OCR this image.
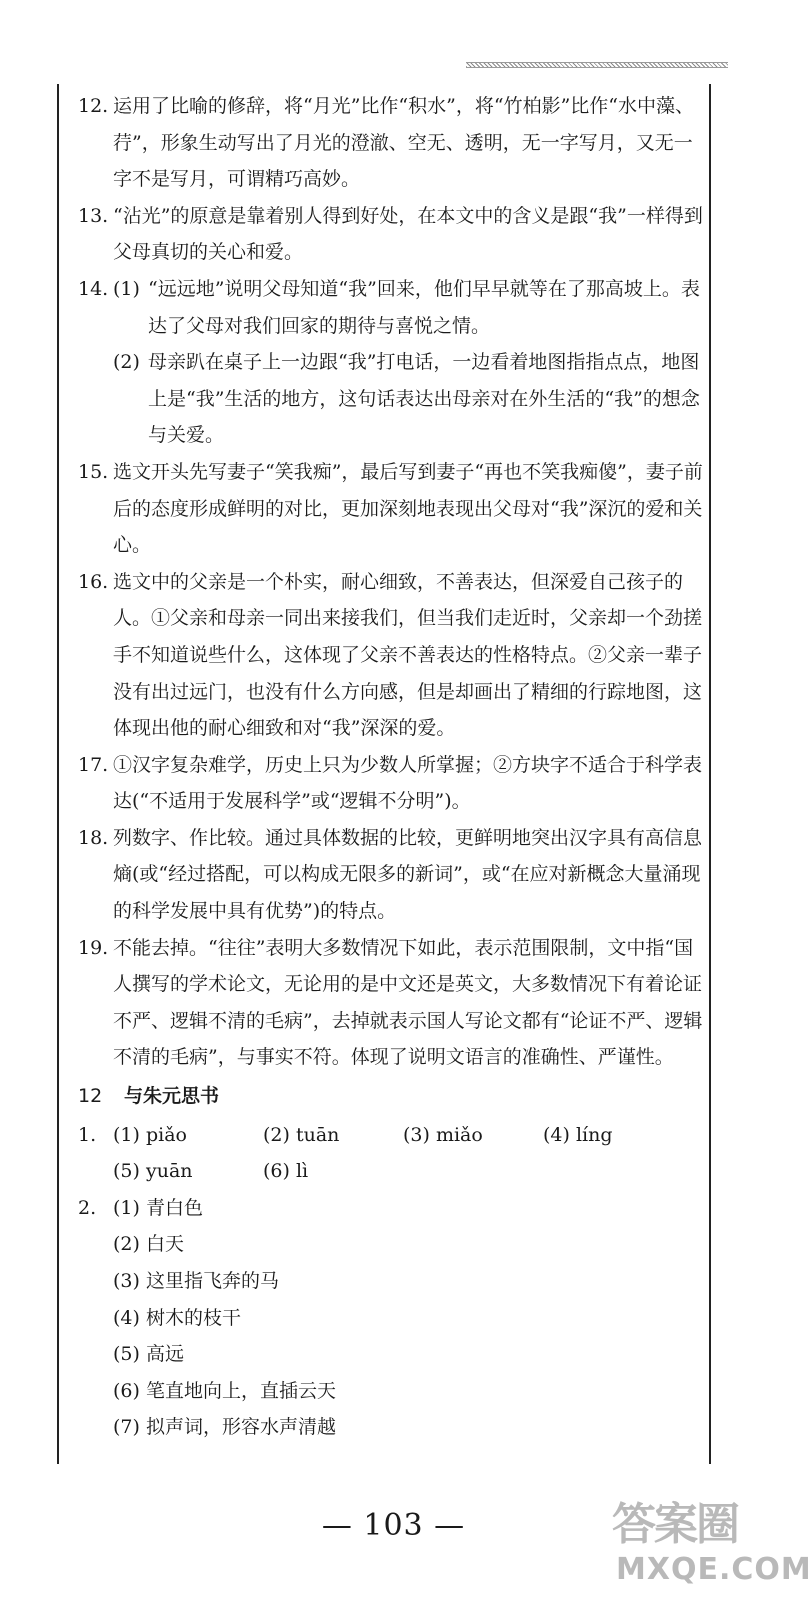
12. 运用了比喻的修辞，将“月光”比作“积水”，将“竹柏影”比作“水中藻、荇”，形象生动写出了月光的澄澈、空无、透明，无一字写月，又无一字不是写月，可谓精巧高妙。
13. “沾光”的原意是靠着别人得到好处，在本文中的含义是跟“我”一样得到父母真切的关心和爱。
14. (1) “远远地”说明父母知道“我”回来，他们早早就等在了那高坡上。表达了父母对我们回家的期待与喜悦之情。
(2) 母亲趴在桌子上一边跟“我”打电话，一边看着地图指指点点，地图上是“我”生活的地方，这句话表达出母亲对在外生活的“我”的想念与关爱。
15. 选文开头先写妻子“笑我痴”，最后写到妻子“再也不笑我痴傻”，妻子前后的态度形成鲜明的对比，更加深刻地表现出父母对“我”深沉的爱和关心。
16. 选文中的父亲是一个朴实，耐心细致，不善表达，但深爱自己孩子的人。①父亲和母亲一同出来接我们，但当我们走近时，父亲却一个劲搓手不知道说些什么，这体现了父亲不善表达的性格特点。②父亲一辈子没有出过远门，也没有什么方向感，但是却画出了精细的行踪地图，这体现出他的耐心细致和对“我”深深的爱。
17. ①汉字复杂难学，历史上只为少数人所掌握；②方块字不适合于科学表达(“不适用于发展科学”或“逻辑不分明”)。
18. 列数字、作比较。通过具体数据的比较，更鲜明地突出汉字具有高信息熵(或“经过搭配，可以构成无限多的新词”，或“在应对新概念大量涌现的科学发展中具有优势”)的特点。
19. 不能去掉。“往往”表明大多数情况下如此，表示范围限制，文中指“国人撰写的学术论文，无论用的是中文还是英文，大多数情况下有着论证不严、逻辑不清的毛病”，去掉就表示国人写论文都有“论证不严、逻辑不清的毛病”，与事实不符。体现了说明文语言的准确性、严谨性。
12 与朱元思书
1. (1) piǎo	(2) tuān	(3) miǎo	(4) líng
(5) yuān	(6) lì
2. (1) 青白色
(2) 白天
(3) 这里指飞奔的马
(4) 树木的枝干
(5) 高远
(6) 笔直地向上，直插云天
(7) 拟声词，形容水声清越
— 103 —	答案圈
MXQE.COM
